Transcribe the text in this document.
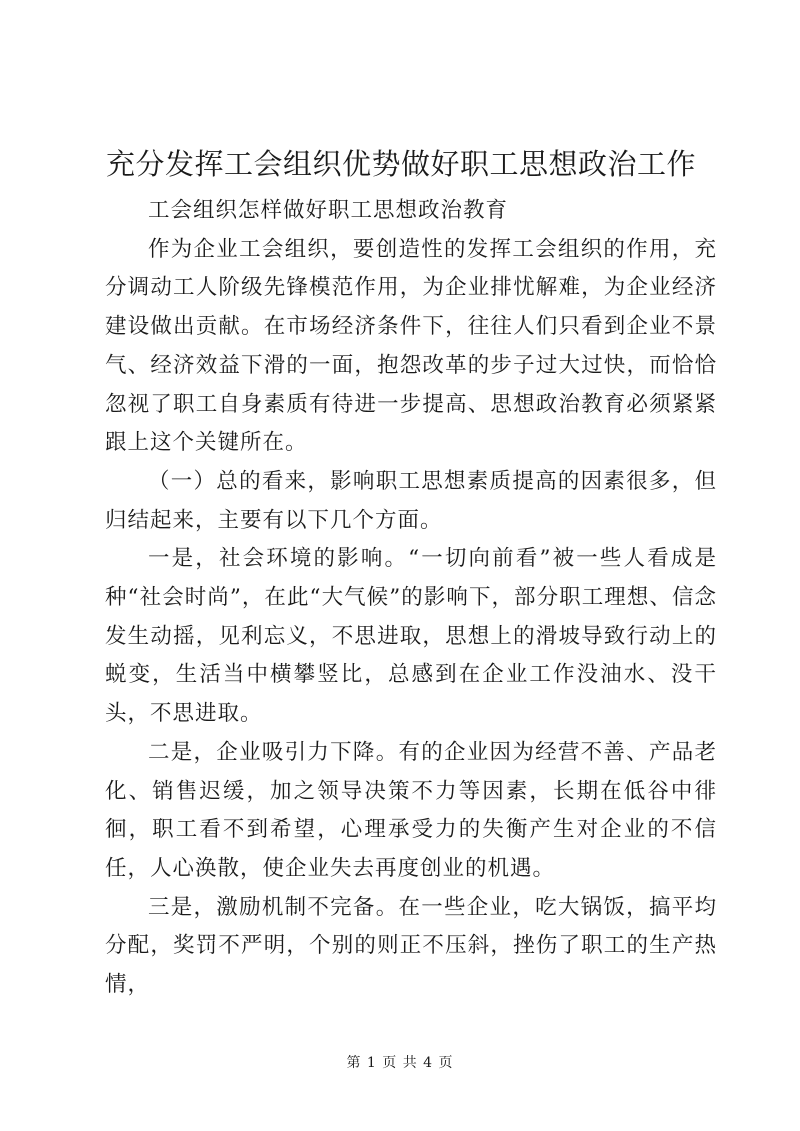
充分发挥工会组织优势做好职工思想政治工作

工会组织怎样做好职工思想政治教育

作为企业工会组织，要创造性的发挥工会组织的作用，充分调动工人阶级先锋模范作用，为企业排忧解难，为企业经济建设做出贡献。在市场经济条件下，往往人们只看到企业不景气、经济效益下滑的一面，抱怨改革的步子过大过快，而恰恰忽视了职工自身素质有待进一步提高、思想政治教育必须紧紧跟上这个关键所在。

（一）总的看来，影响职工思想素质提高的因素很多，但归结起来，主要有以下几个方面。

一是，社会环境的影响。“一切向前看”被一些人看成是种“社会时尚”，在此“大气候”的影响下，部分职工理想、信念发生动摇，见利忘义，不思进取，思想上的滑坡导致行动上的蜕变，生活当中横攀竖比，总感到在企业工作没油水、没干头，不思进取。

二是，企业吸引力下降。有的企业因为经营不善、产品老化、销售迟缓，加之领导决策不力等因素，长期在低谷中徘徊，职工看不到希望，心理承受力的失衡产生对企业的不信任，人心涣散，使企业失去再度创业的机遇。

三是，激励机制不完备。在一些企业，吃大锅饭，搞平均分配，奖罚不严明，个别的则正不压斜，挫伤了职工的生产热情，

第 1 页 共 4 页
